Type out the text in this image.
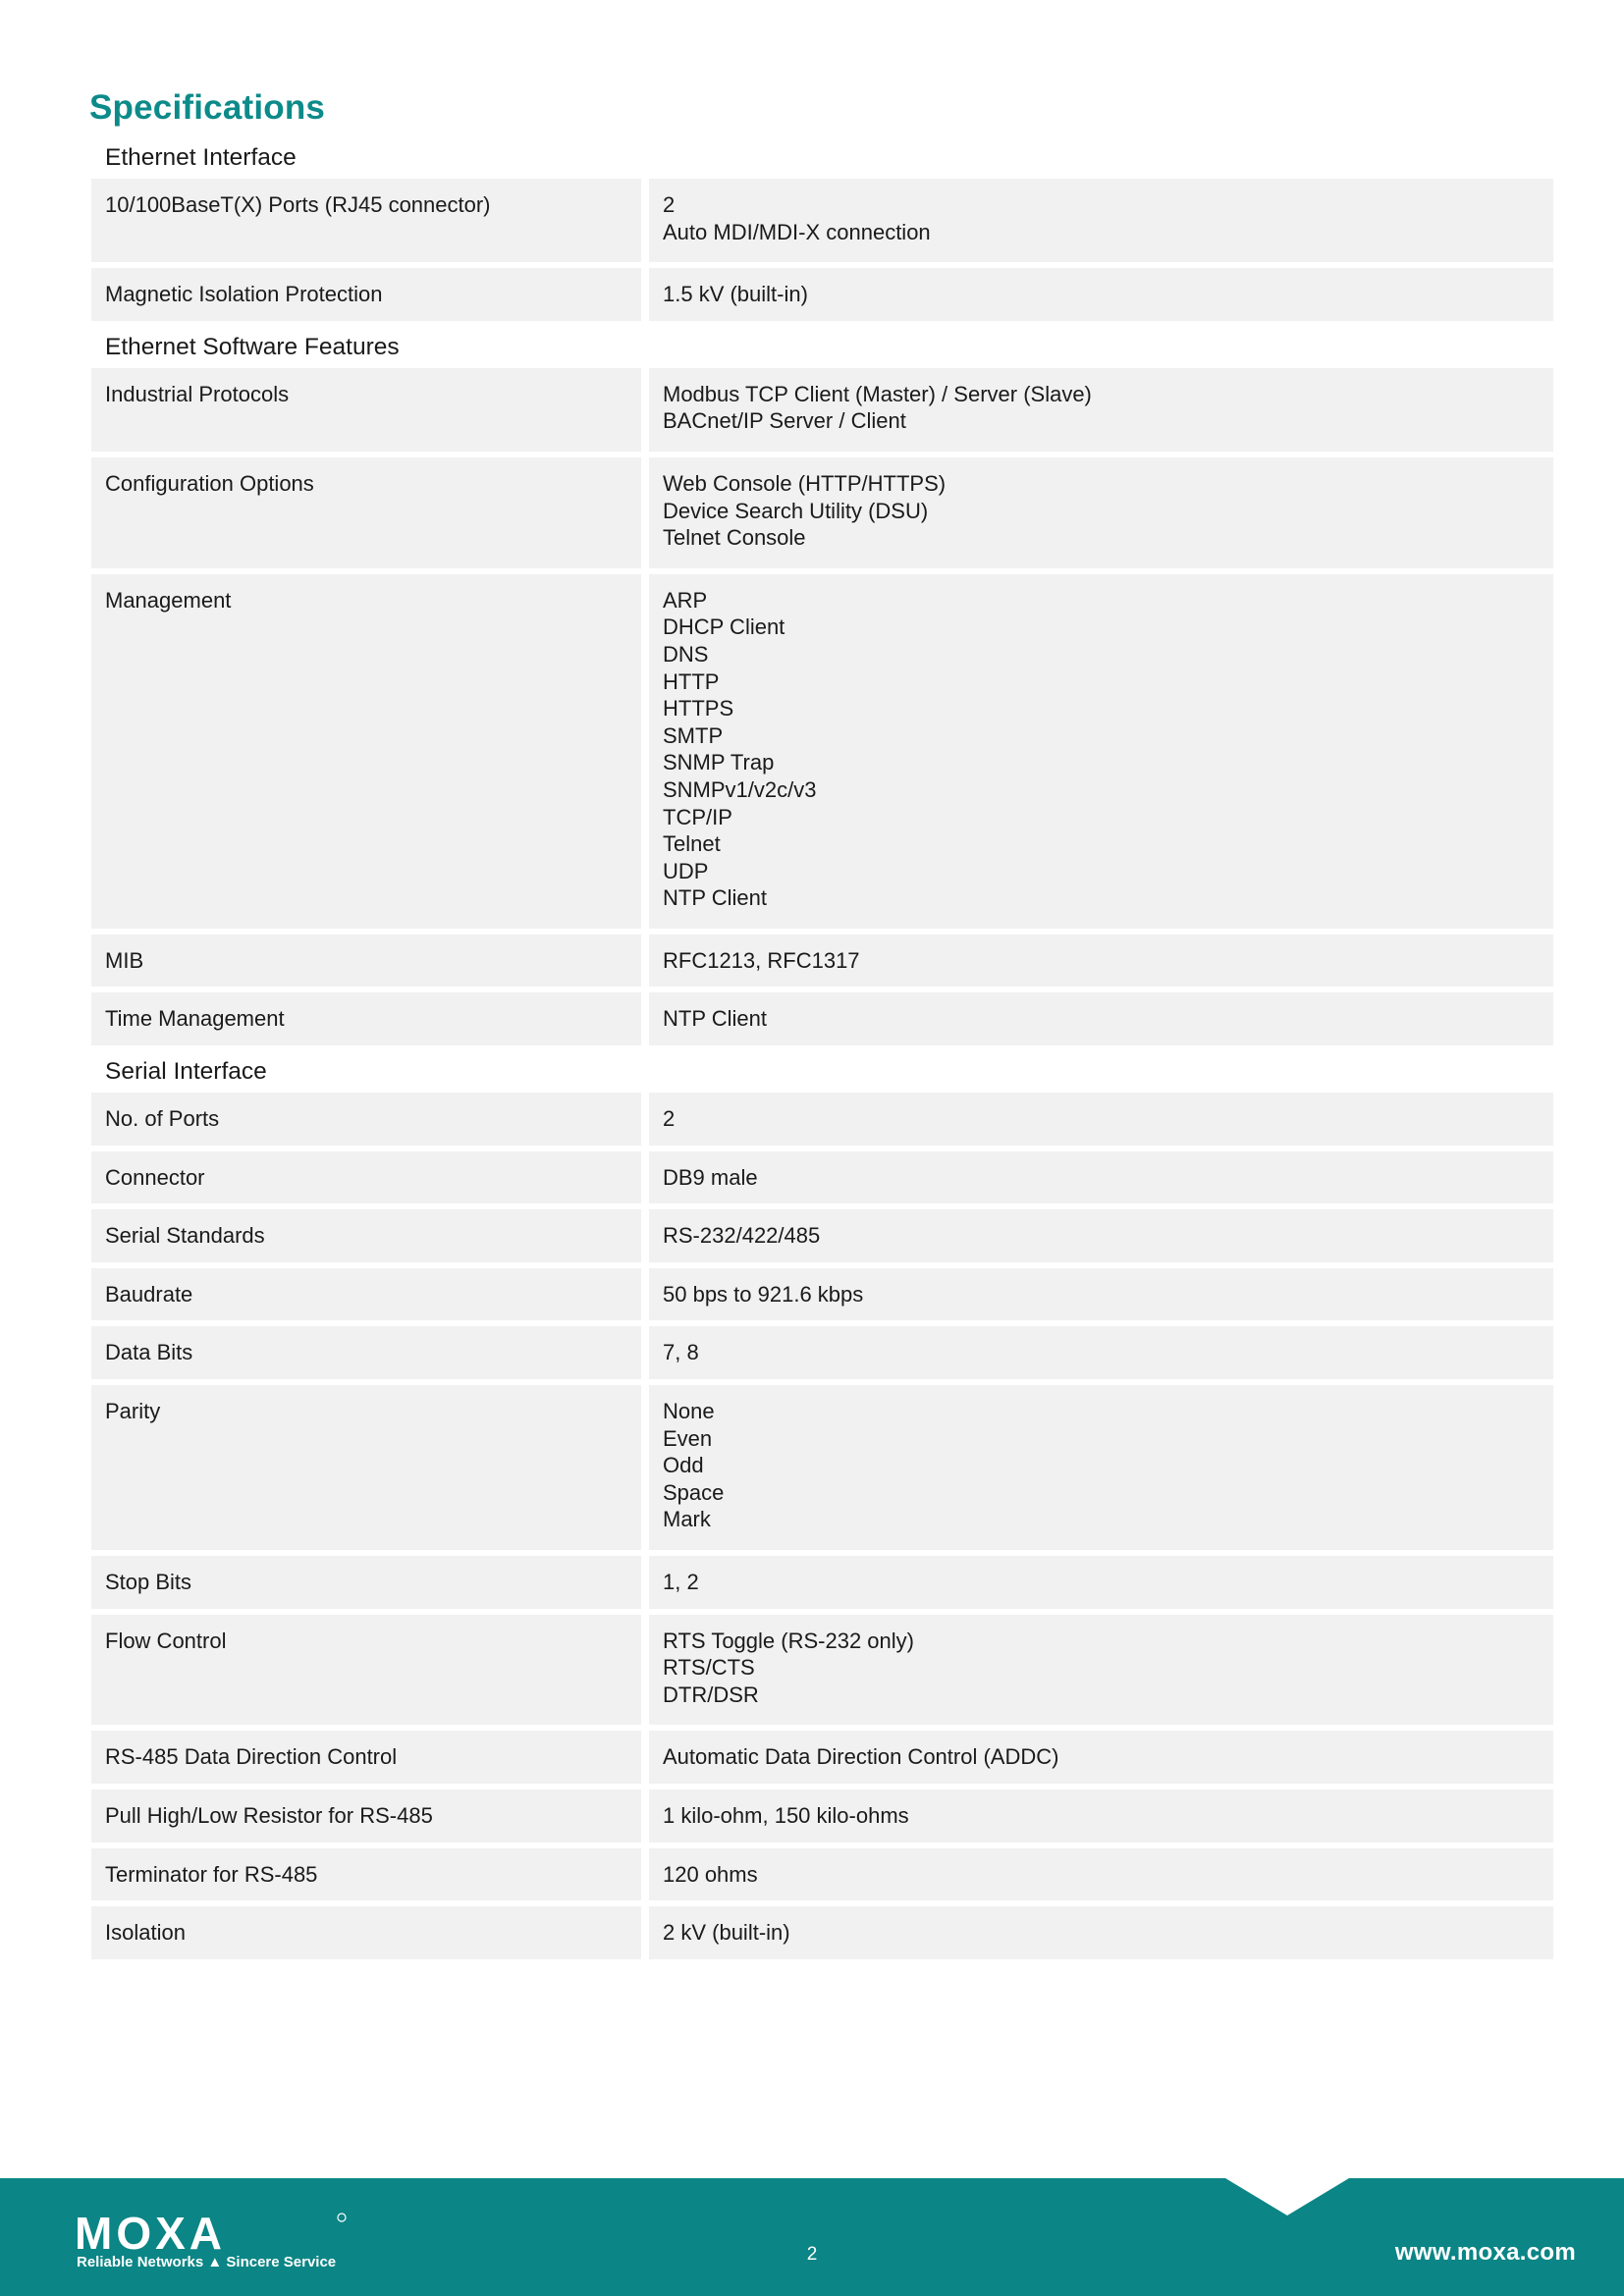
Specifications
Ethernet Interface
10/100BaseT(X) Ports (RJ45 connector)	2
Auto MDI/MDI-X connection
Magnetic Isolation Protection	1.5 kV (built-in)
Ethernet Software Features
Industrial Protocols	Modbus TCP Client (Master) / Server (Slave)
BACnet/IP Server / Client
Configuration Options	Web Console (HTTP/HTTPS)
Device Search Utility (DSU)
Telnet Console
Management	ARP
DHCP Client
DNS
HTTP
HTTPS
SMTP
SNMP Trap
SNMPv1/v2c/v3
TCP/IP
Telnet
UDP
NTP Client
MIB	RFC1213, RFC1317
Time Management	NTP Client
Serial Interface
No. of Ports	2
Connector	DB9 male
Serial Standards	RS-232/422/485
Baudrate	50 bps to 921.6 kbps
Data Bits	7, 8
Parity	None
Even
Odd
Space
Mark
Stop Bits	1, 2
Flow Control	RTS Toggle (RS-232 only)
RTS/CTS
DTR/DSR
RS-485 Data Direction Control	Automatic Data Direction Control (ADDC)
Pull High/Low Resistor for RS-485	1 kilo-ohm, 150 kilo-ohms
Terminator for RS-485	120 ohms
Isolation	2 kV (built-in)
MOXA
Reliable Networks ▲ Sincere Service	2	www.moxa.com
